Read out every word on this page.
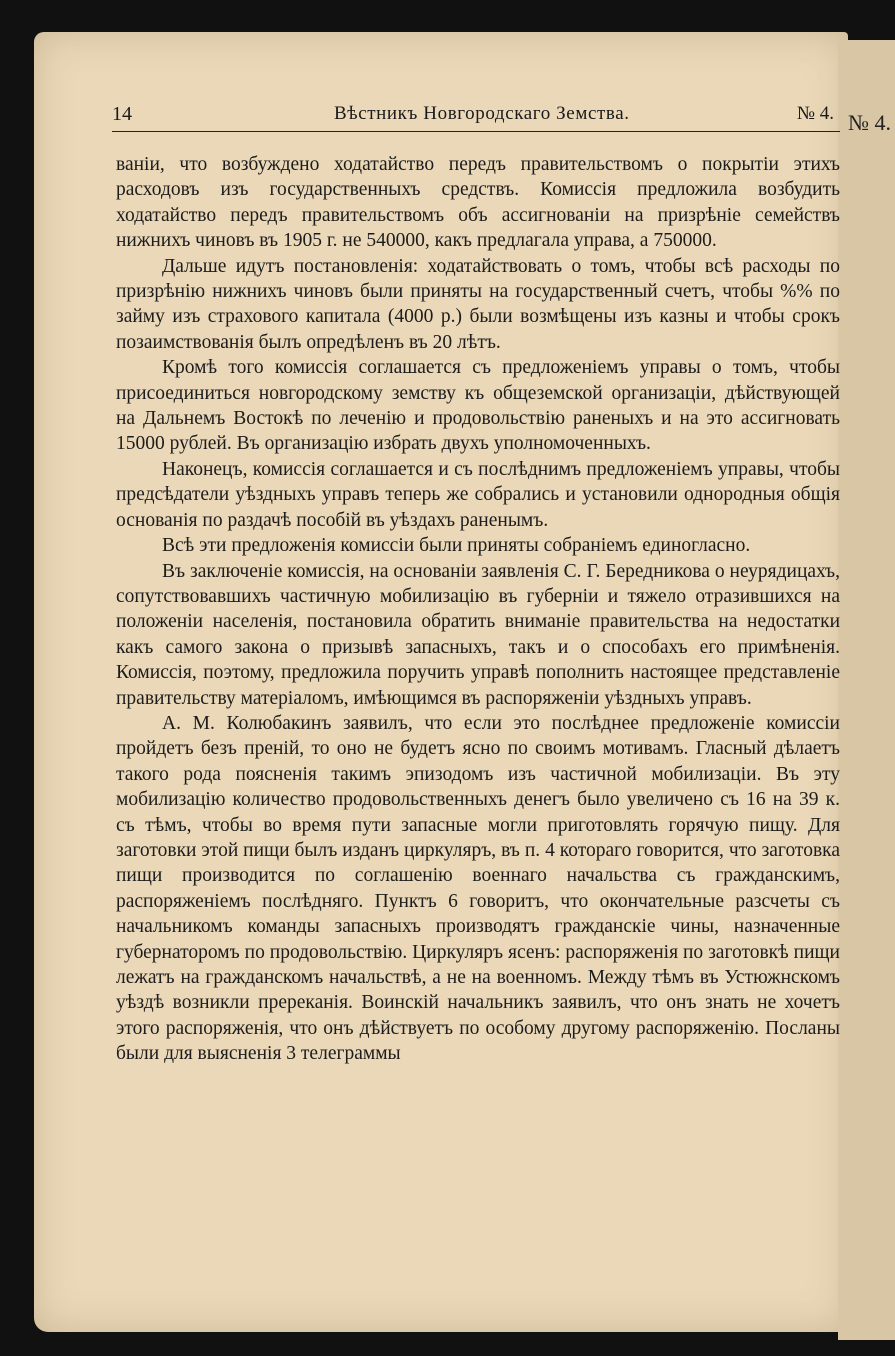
№ 4.
14	Вѣстникъ Новгородскаго Земства.	№ 4.

ваніи, что возбуждено ходатайство передъ правительствомъ о покрытіи этихъ расходовъ изъ государственныхъ средствъ. Комиссія предложила возбудить ходатайство передъ правительствомъ объ ассигнованіи на призрѣніе семействъ нижнихъ чиновъ въ 1905 г. не 540000, какъ предлагала управа, а 750000.

Дальше идутъ постановленія: ходатайствовать о томъ, чтобы всѣ расходы по призрѣнію нижнихъ чиновъ были приняты на государственный счетъ, чтобы %% по займу изъ страхового капитала (4000 р.) были возмѣщены изъ казны и чтобы срокъ позаимствованія былъ опредѣленъ въ 20 лѣтъ.

Кромѣ того комиссія соглашается съ предложеніемъ управы о томъ, чтобы присоединиться новгородскому земству къ общеземской организаціи, дѣйствующей на Дальнемъ Востокѣ по леченію и продовольствію раненыхъ и на это ассигновать 15000 рублей. Въ организацію избрать двухъ уполномоченныхъ.

Наконецъ, комиссія соглашается и съ послѣднимъ предложеніемъ управы, чтобы предсѣдатели уѣздныхъ управъ теперь же собрались и установили однородныя общія основанія по раздачѣ пособій въ уѣздахъ раненымъ.

Всѣ эти предложенія комиссіи были приняты собраніемъ единогласно.

Въ заключеніе комиссія, на основаніи заявленія С. Г. Бередникова о неурядицахъ, сопутствовавшихъ частичную мобилизацію въ губерніи и тяжело отразившихся на положеніи населенія, постановила обратить вниманіе правительства на недостатки какъ самого закона о призывѣ запасныхъ, такъ и о способахъ его примѣненія. Комиссія, поэтому, предложила поручить управѣ пополнить настоящее представленіе правительству матеріаломъ, имѣющимся въ распоряженіи уѣздныхъ управъ.

А. М. Колюбакинъ заявилъ, что если это послѣднее предложеніе комиссіи пройдетъ безъ преній, то оно не будетъ ясно по своимъ мотивамъ. Гласный дѣлаетъ такого рода поясненія такимъ эпизодомъ изъ частичной мобилизаціи. Въ эту мобилизацію количество продовольственныхъ денегъ было увеличено съ 16 на 39 к. съ тѣмъ, чтобы во время пути запасные могли приготовлять горячую пищу. Для заготовки этой пищи былъ изданъ циркуляръ, въ п. 4 котораго говорится, что заготовка пищи производится по соглашенію военнаго начальства съ гражданскимъ, распоряженіемъ послѣдняго. Пунктъ 6 говоритъ, что окончательные разсчеты съ начальникомъ команды запасныхъ производятъ гражданскіе чины, назначенные губернаторомъ по продовольствію. Циркуляръ ясенъ: распоряженія по заготовкѣ пищи лежатъ на гражданскомъ начальствѣ, а не на военномъ. Между тѣмъ въ Устюжнскомъ уѣздѣ возникли пререканія. Воинскій начальникъ заявилъ, что онъ знать не хочетъ этого распоряженія, что онъ дѣйствуетъ по особому другому распоряженію. Посланы были для выясненія 3 телеграммы
